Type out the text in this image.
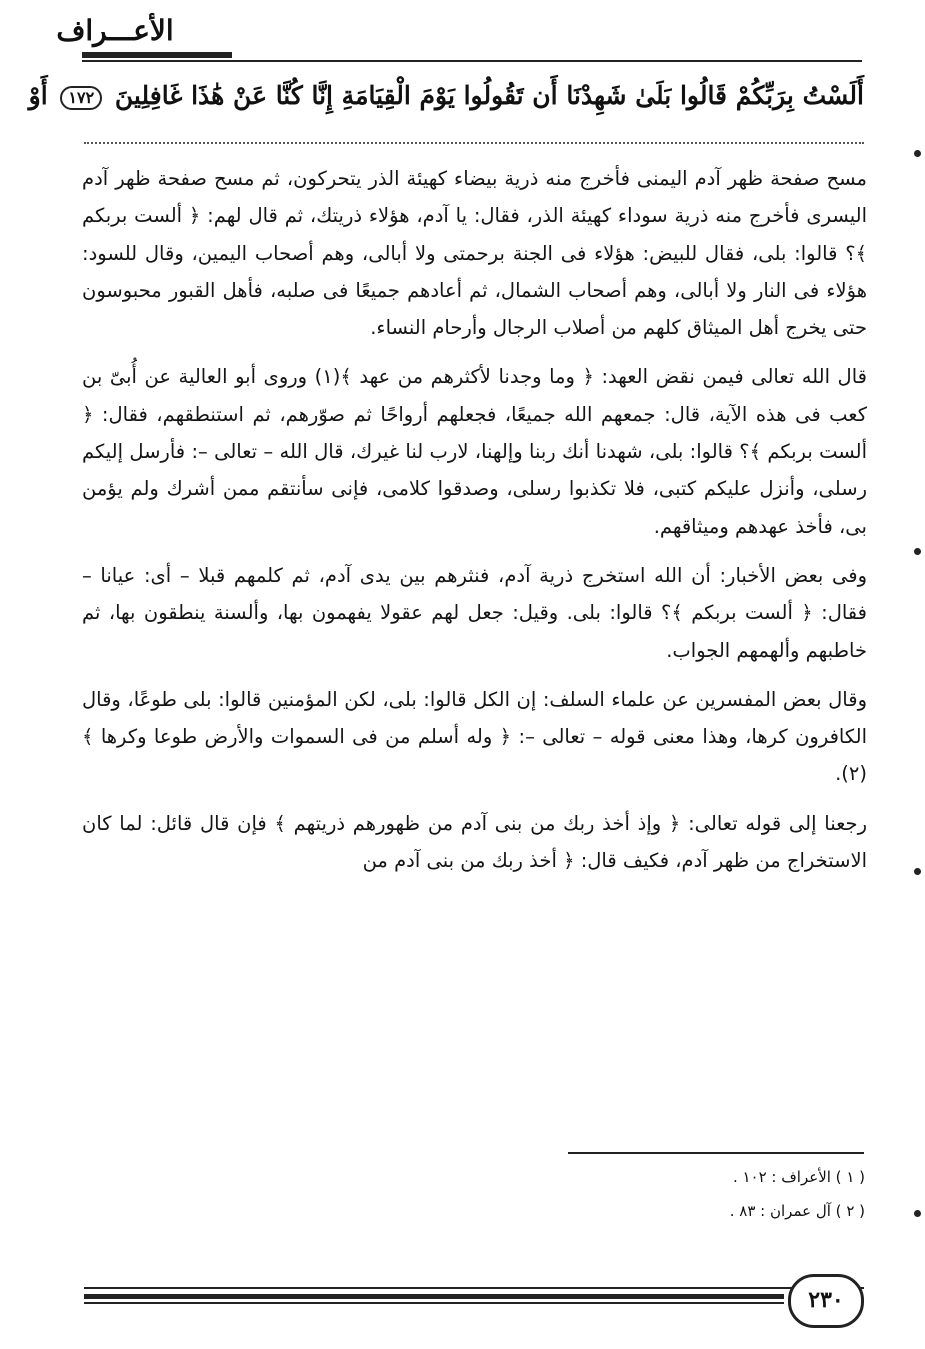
الأعـــراف
أَلَسْتُ بِرَبِّكُمْ قَالُوا بَلَىٰ شَهِدْنَا أَن تَقُولُوا يَوْمَ الْقِيَامَةِ إِنَّا كُنَّا عَنْ هَٰذَا غَافِلِينَ ١٧٢ أَوْ

مسح صفحة ظهر آدم اليمنى فأخرج منه ذرية بيضاء كهيئة الذر يتحركون، ثم مسح صفحة ظهر آدم اليسرى فأخرج منه ذرية سوداء كهيئة الذر، فقال: يا آدم، هؤلاء ذريتك، ثم قال لهم: ﴿ ألست بربكم ﴾؟ قالوا: بلى، فقال للبيض: هؤلاء فى الجنة برحمتى ولا أبالى، وهم أصحاب اليمين، وقال للسود: هؤلاء فى النار ولا أبالى، وهم أصحاب الشمال، ثم أعادهم جميعًا فى صلبه، فأهل القبور محبوسون حتى يخرج أهل الميثاق كلهم من أصلاب الرجال وأرحام النساء.

قال الله تعالى فيمن نقض العهد: ﴿ وما وجدنا لأكثرهم من عهد ﴾(١) وروى أبو العالية عن أُبىّ بن كعب فى هذه الآية، قال: جمعهم الله جميعًا، فجعلهم أرواحًا ثم صوّرهم، ثم استنطقهم، فقال: ﴿ ألست بربكم ﴾؟ قالوا: بلى، شهدنا أنك ربنا وإلهنا، لارب لنا غيرك، قال الله – تعالى –: فأرسل إليكم رسلى، وأنزل عليكم كتبى، فلا تكذبوا رسلى، وصدقوا كلامى، فإنى سأنتقم ممن أشرك ولم يؤمن بى، فأخذ عهدهم وميثاقهم.

وفى بعض الأخبار: أن الله استخرج ذرية آدم، فنثرهم بين يدى آدم، ثم كلمهم قبلا – أى: عيانا – فقال: ﴿ ألست بربكم ﴾؟ قالوا: بلى. وقيل: جعل لهم عقولا يفهمون بها، وألسنة ينطقون بها، ثم خاطبهم وألهمهم الجواب.

وقال بعض المفسرين عن علماء السلف: إن الكل قالوا: بلى، لكن المؤمنين قالوا: بلى طوعًا، وقال الكافرون كرها، وهذا معنى قوله – تعالى –: ﴿ وله أسلم من فى السموات والأرض طوعا وكرها ﴾(٢).

رجعنا إلى قوله تعالى: ﴿ وإذ أخذ ربك من بنى آدم من ظهورهم ذريتهم ﴾ فإن قال قائل: لما كان الاستخراج من ظهر آدم، فكيف قال: ﴿ أخذ ربك من بنى آدم من

( ١ ) الأعراف : ١٠٢ .
( ٢ ) آل عمران : ٨٣ .
٢٣٠
